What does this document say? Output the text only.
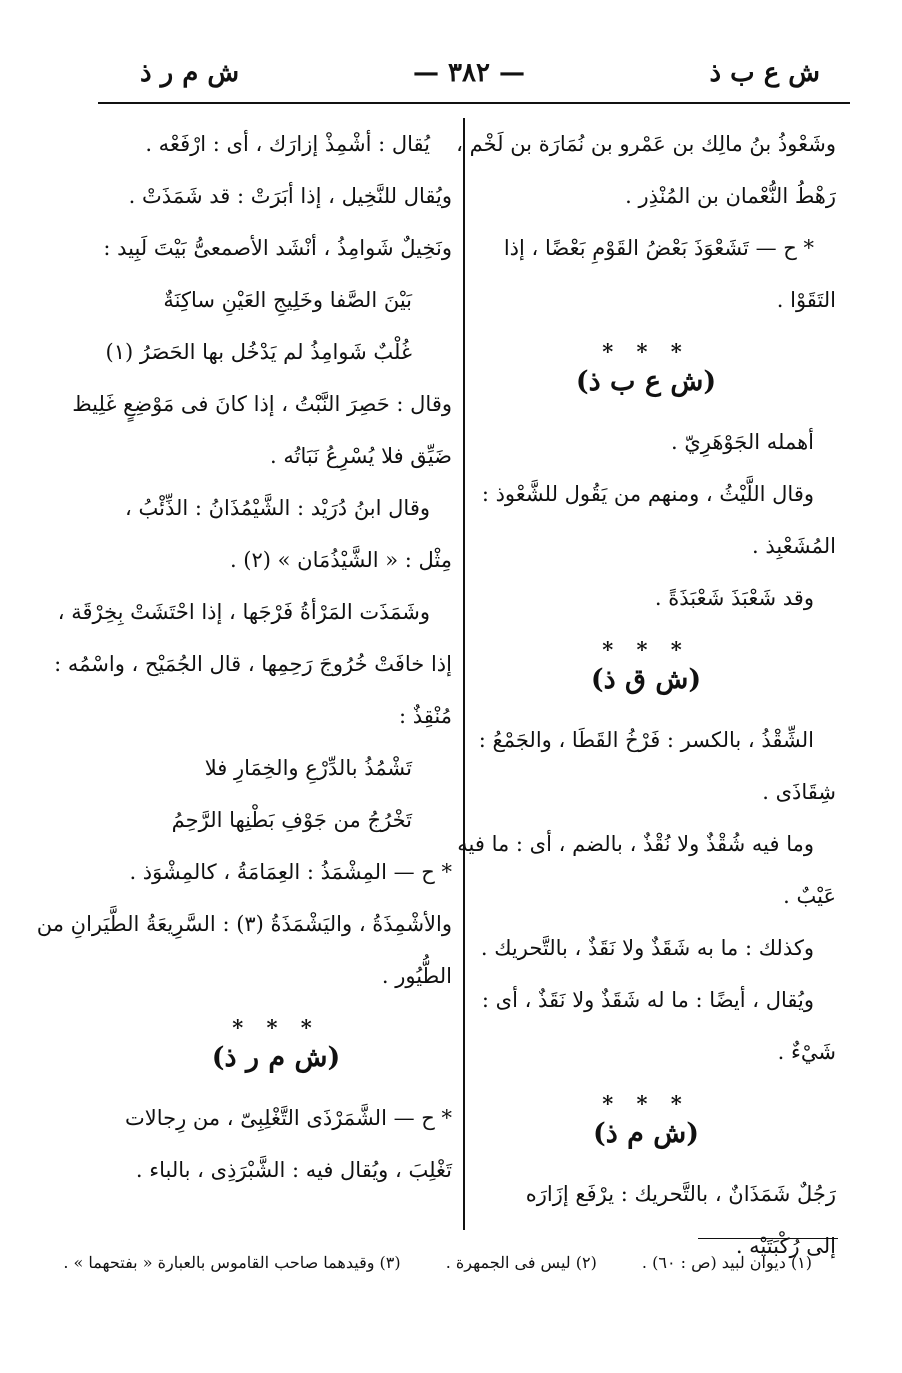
ش ع ب ذ
— ٣٨٢ —
ش م ر ذ
وشَعْوذُ بنُ مالِك بن عَمْرو بن نُمَارَة بن لَخْم ،
رَهْطُ النُّعْمان بن المُنْذِر .
* ح — تَشَعْوَذَ بَعْضُ القَوْمِ بَعْضًا ، إذا
التَقَوْا .
* * *
(ش ع ب ذ)
أهمله الجَوْهَرِيّ .
وقال اللَّيْثُ ، ومنهم من يَقُول للشَّعْوذ :
المُشَعْبِذ .
وقد شَعْبَذَ شَعْبَذَةً .
* * *
(ش ق ذ)
الشِّقْذُ ، بالكسر : فَرْخُ القَطَا ، والجَمْعُ :
شِقَاذَى .
وما فيه شُقْذٌ ولا نُقْذٌ ، بالضم ، أى : ما فيه
عَيْبٌ .
وكذلك : ما به شَقَذٌ ولا نَقَذٌ ، بالتَّحريك .
ويُقال ، أيضًا : ما له شَقَذٌ ولا نَقَذٌ ، أى :
شَيْءٌ .
* * *
(ش م ذ)
رَجُلٌ شَمَذَانٌ ، بالتَّحريك : يرْفَع إزَارَه
إلى رُكْبَتَيْه .
يُقال : أشْمِذْ إزارَك ، أى : ارْفَعْه .
ويُقال للنَّخِيل ، إذا أبَرَتْ : قد شَمَذَتْ .
ونَخِيلٌ شَوامِذُ ، أنْشَد الأصمعىُّ بَيْتَ لَبِيد :
بَيْنَ الصَّفا وخَلِيجِ العَيْنِ ساكِنَةٌ
غُلْبٌ شَوامِذُ لم يَدْخُل بها الحَصَرُ (١)
وقال : حَصِرَ النَّبْتُ ، إذا كانَ فى مَوْضِعٍ غَلِيظ
ضَيِّق فلا يُسْرِعُ نَبَاتُه .
وقال ابنُ دُرَيْد : الشَّيْمُذَانُ : الذِّئْبُ ،
مِثْل : « الشَّيْذُمَان » (٢) .
وشَمَذَت المَرْأةُ فَرْجَها ، إذا احْتَشَتْ بِخِرْقَة ،
إذا خافَتْ خُرُوجَ رَحِمِها ، قال الجُمَيْح ، واسْمُه :
مُنْقِذٌ :
تَشْمُذُ بالدِّرْعِ والخِمَارِ فلا
تَخْرُجُ من جَوْفِ بَطْنِها الرَّحِمُ
* ح — المِشْمَذُ : العِمَامَةُ ، كالمِشْوَذ .
والأشْمِذَةُ ، واليَشْمَذَةُ (٣) : السَّرِيعَةُ الطَّيَرانِ من
الطُّيُور .
* * *
(ش م ر ذ)
* ح — الشَّمَرْذَى التَّغْلِبِىّ ، من رِجالات
تَغْلِبَ ، ويُقال فيه : الشَّبْرَذِى ، بالباء .
(١) ديوان لبيد (ص : ٦٠) . (٢) ليس فى الجمهرة . (٣) وقيدهما صاحب القاموس بالعبارة « بفتحهما » .
